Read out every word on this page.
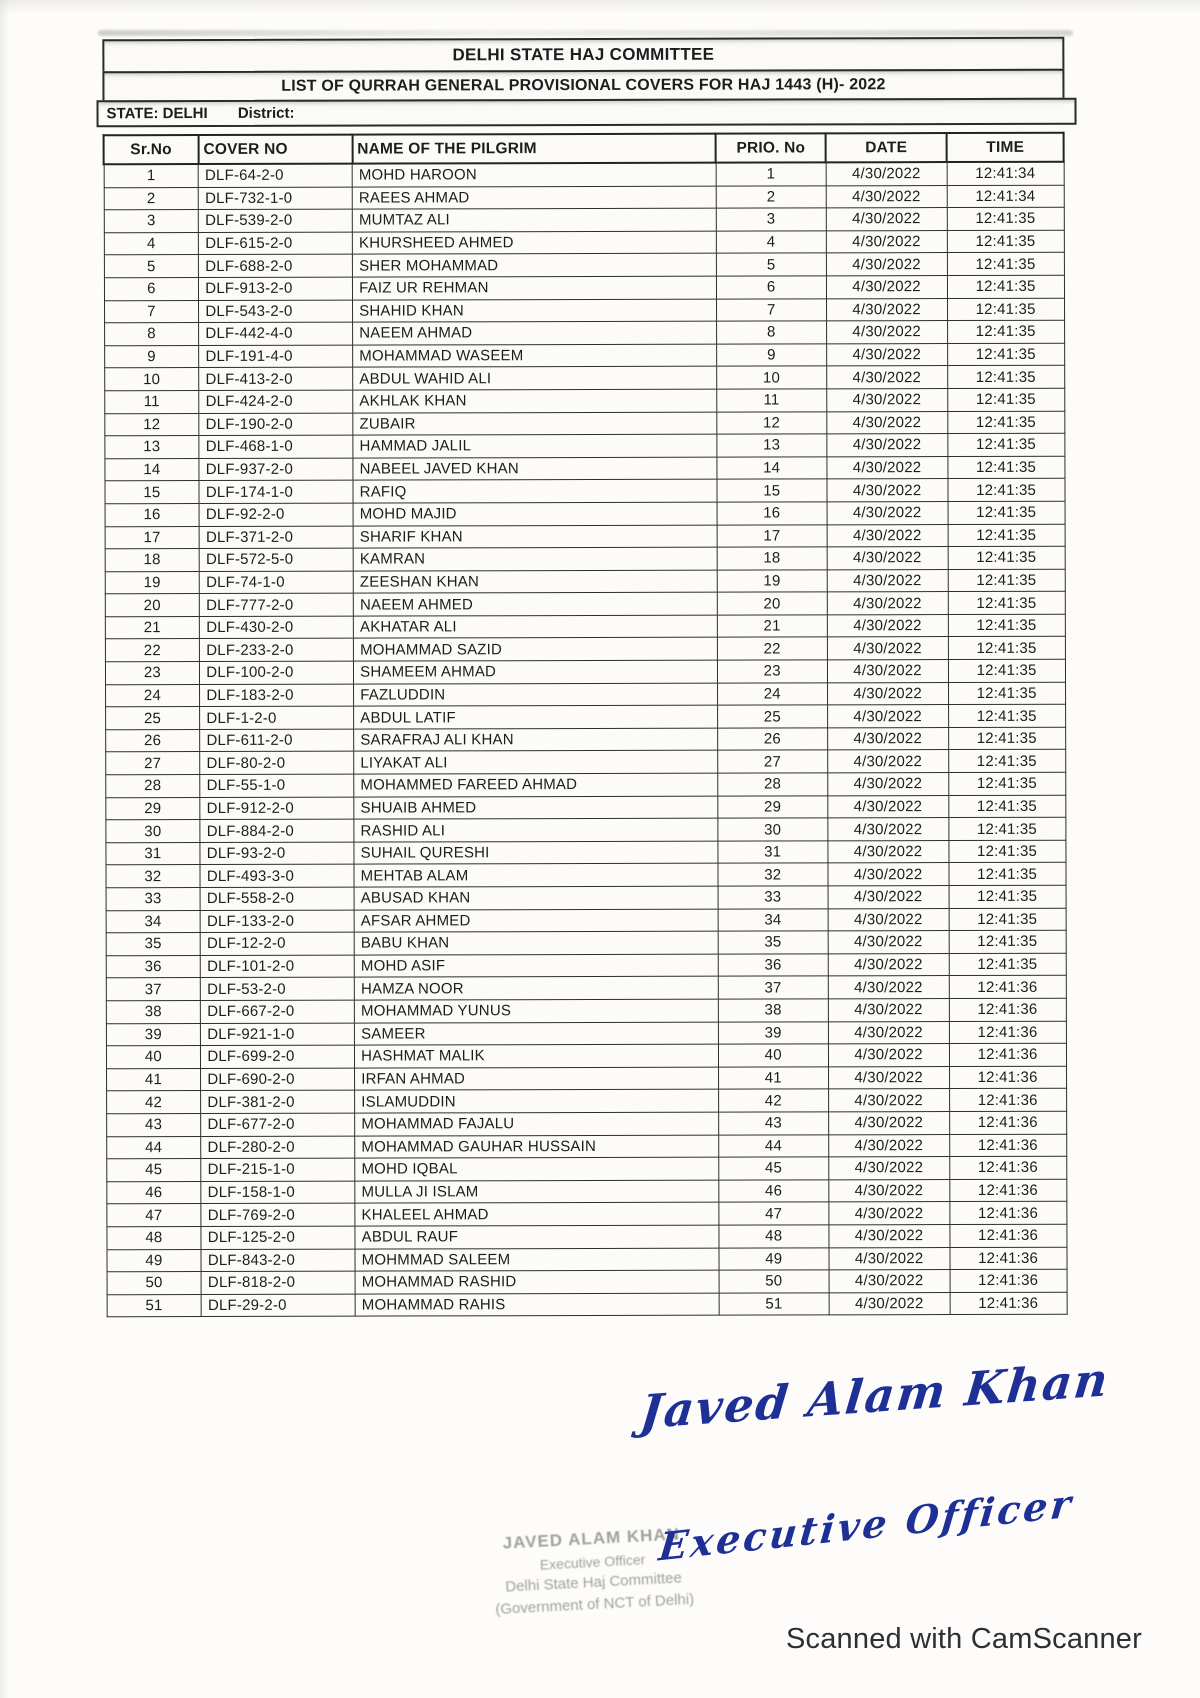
DELHI STATE HAJ COMMITTEE
LIST OF QURRAH GENERAL PROVISIONAL COVERS FOR HAJ 1443 (H)- 2022
STATE: DELHI District:
Sr.No	COVER NO	NAME OF THE PILGRIM	PRIO. No	DATE	TIME
1	DLF-64-2-0	MOHD HAROON	1	4/30/2022	12:41:34
2	DLF-732-1-0	RAEES AHMAD	2	4/30/2022	12:41:34
3	DLF-539-2-0	MUMTAZ ALI	3	4/30/2022	12:41:35
4	DLF-615-2-0	KHURSHEED AHMED	4	4/30/2022	12:41:35
5	DLF-688-2-0	SHER MOHAMMAD	5	4/30/2022	12:41:35
6	DLF-913-2-0	FAIZ UR REHMAN	6	4/30/2022	12:41:35
7	DLF-543-2-0	SHAHID KHAN	7	4/30/2022	12:41:35
8	DLF-442-4-0	NAEEM AHMAD	8	4/30/2022	12:41:35
9	DLF-191-4-0	MOHAMMAD WASEEM	9	4/30/2022	12:41:35
10	DLF-413-2-0	ABDUL WAHID ALI	10	4/30/2022	12:41:35
11	DLF-424-2-0	AKHLAK KHAN	11	4/30/2022	12:41:35
12	DLF-190-2-0	ZUBAIR	12	4/30/2022	12:41:35
13	DLF-468-1-0	HAMMAD JALIL	13	4/30/2022	12:41:35
14	DLF-937-2-0	NABEEL JAVED KHAN	14	4/30/2022	12:41:35
15	DLF-174-1-0	RAFIQ	15	4/30/2022	12:41:35
16	DLF-92-2-0	MOHD MAJID	16	4/30/2022	12:41:35
17	DLF-371-2-0	SHARIF KHAN	17	4/30/2022	12:41:35
18	DLF-572-5-0	KAMRAN	18	4/30/2022	12:41:35
19	DLF-74-1-0	ZEESHAN KHAN	19	4/30/2022	12:41:35
20	DLF-777-2-0	NAEEM AHMED	20	4/30/2022	12:41:35
21	DLF-430-2-0	AKHATAR ALI	21	4/30/2022	12:41:35
22	DLF-233-2-0	MOHAMMAD SAZID	22	4/30/2022	12:41:35
23	DLF-100-2-0	SHAMEEM AHMAD	23	4/30/2022	12:41:35
24	DLF-183-2-0	FAZLUDDIN	24	4/30/2022	12:41:35
25	DLF-1-2-0	ABDUL LATIF	25	4/30/2022	12:41:35
26	DLF-611-2-0	SARAFRAJ ALI KHAN	26	4/30/2022	12:41:35
27	DLF-80-2-0	LIYAKAT ALI	27	4/30/2022	12:41:35
28	DLF-55-1-0	MOHAMMED FAREED AHMAD	28	4/30/2022	12:41:35
29	DLF-912-2-0	SHUAIB AHMED	29	4/30/2022	12:41:35
30	DLF-884-2-0	RASHID ALI	30	4/30/2022	12:41:35
31	DLF-93-2-0	SUHAIL QURESHI	31	4/30/2022	12:41:35
32	DLF-493-3-0	MEHTAB ALAM	32	4/30/2022	12:41:35
33	DLF-558-2-0	ABUSAD KHAN	33	4/30/2022	12:41:35
34	DLF-133-2-0	AFSAR AHMED	34	4/30/2022	12:41:35
35	DLF-12-2-0	BABU KHAN	35	4/30/2022	12:41:35
36	DLF-101-2-0	MOHD ASIF	36	4/30/2022	12:41:35
37	DLF-53-2-0	HAMZA NOOR	37	4/30/2022	12:41:36
38	DLF-667-2-0	MOHAMMAD YUNUS	38	4/30/2022	12:41:36
39	DLF-921-1-0	SAMEER	39	4/30/2022	12:41:36
40	DLF-699-2-0	HASHMAT MALIK	40	4/30/2022	12:41:36
41	DLF-690-2-0	IRFAN AHMAD	41	4/30/2022	12:41:36
42	DLF-381-2-0	ISLAMUDDIN	42	4/30/2022	12:41:36
43	DLF-677-2-0	MOHAMMAD FAJALU	43	4/30/2022	12:41:36
44	DLF-280-2-0	MOHAMMAD GAUHAR HUSSAIN	44	4/30/2022	12:41:36
45	DLF-215-1-0	MOHD IQBAL	45	4/30/2022	12:41:36
46	DLF-158-1-0	MULLA JI ISLAM	46	4/30/2022	12:41:36
47	DLF-769-2-0	KHALEEL AHMAD	47	4/30/2022	12:41:36
48	DLF-125-2-0	ABDUL RAUF	48	4/30/2022	12:41:36
49	DLF-843-2-0	MOHMMAD SALEEM	49	4/30/2022	12:41:36
50	DLF-818-2-0	MOHAMMAD RASHID	50	4/30/2022	12:41:36
51	DLF-29-2-0	MOHAMMAD RAHIS	51	4/30/2022	12:41:36
JAVED ALAM KHAN
Executive Officer
Delhi State Haj Committee
(Government of NCT of Delhi)
Javed Alam Khan
Executive Officer
Scanned with CamScanner
